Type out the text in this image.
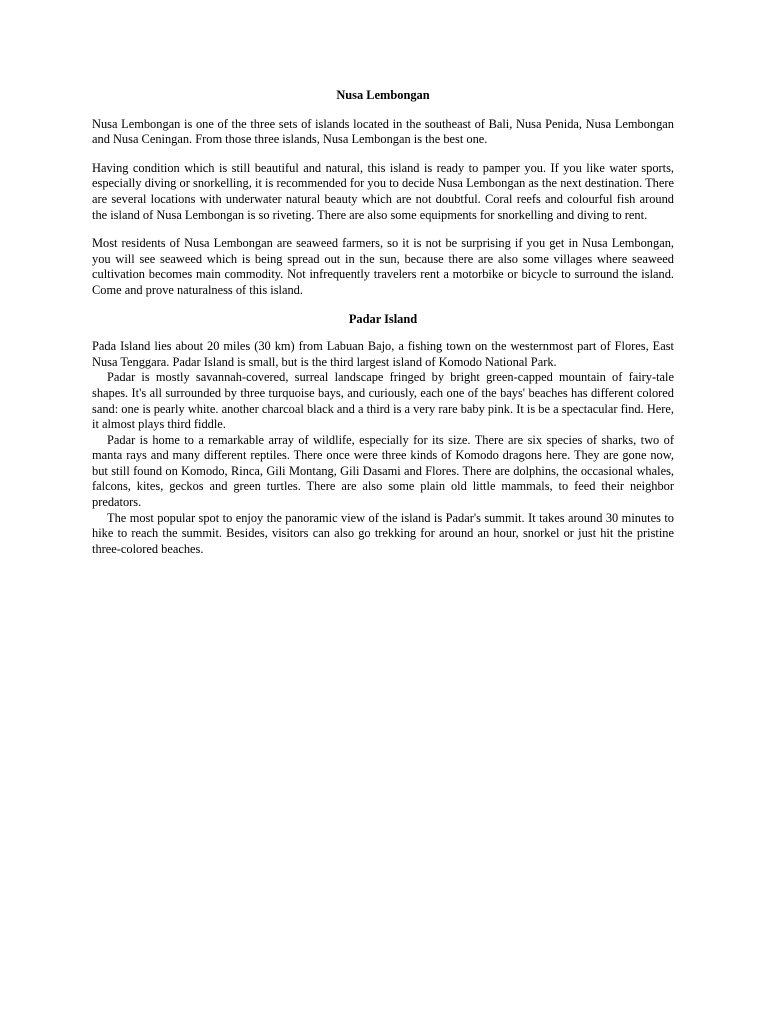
Nusa Lembongan

Nusa Lembongan is one of the three sets of islands located in the southeast of Bali, Nusa Penida, Nusa Lembongan and Nusa Ceningan. From those three islands, Nusa Lembongan is the best one.

Having condition which is still beautiful and natural, this island is ready to pamper you. If you like water sports, especially diving or snorkelling, it is recommended for you to decide Nusa Lembongan as the next destination. There are several locations with underwater natural beauty which are not doubtful. Coral reefs and colourful fish around the island of Nusa Lembongan is so riveting. There are also some equipments for snorkelling and diving to rent.

Most residents of Nusa Lembongan are seaweed farmers, so it is not be surprising if you get in Nusa Lembongan, you will see seaweed which is being spread out in the sun, because there are also some villages where seaweed cultivation becomes main commodity. Not infrequently travelers rent a motorbike or bicycle to surround the island. Come and prove naturalness of this island.

Padar Island

Pada Island lies about 20 miles (30 km) from Labuan Bajo, a fishing town on the westernmost part of Flores, East Nusa Tenggara. Padar Island is small, but is the third largest island of Komodo National Park.

Padar is mostly savannah-covered, surreal landscape fringed by bright green-capped mountain of fairy-tale shapes. It's all surrounded by three turquoise bays, and curiously, each one of the bays' beaches has different colored sand: one is pearly white. another charcoal black and a third is a very rare baby pink. It is be a spectacular find. Here, it almost plays third fiddle.

Padar is home to a remarkable array of wildlife, especially for its size. There are six species of sharks, two of manta rays and many different reptiles. There once were three kinds of Komodo dragons here. They are gone now, but still found on Komodo, Rinca, Gili Montang, Gili Dasami and Flores. There are dolphins, the occasional whales, falcons, kites, geckos and green turtles. There are also some plain old little mammals, to feed their neighbor predators.

The most popular spot to enjoy the panoramic view of the island is Padar's summit. It takes around 30 minutes to hike to reach the summit. Besides, visitors can also go trekking for around an hour, snorkel or just hit the pristine three-colored beaches.
